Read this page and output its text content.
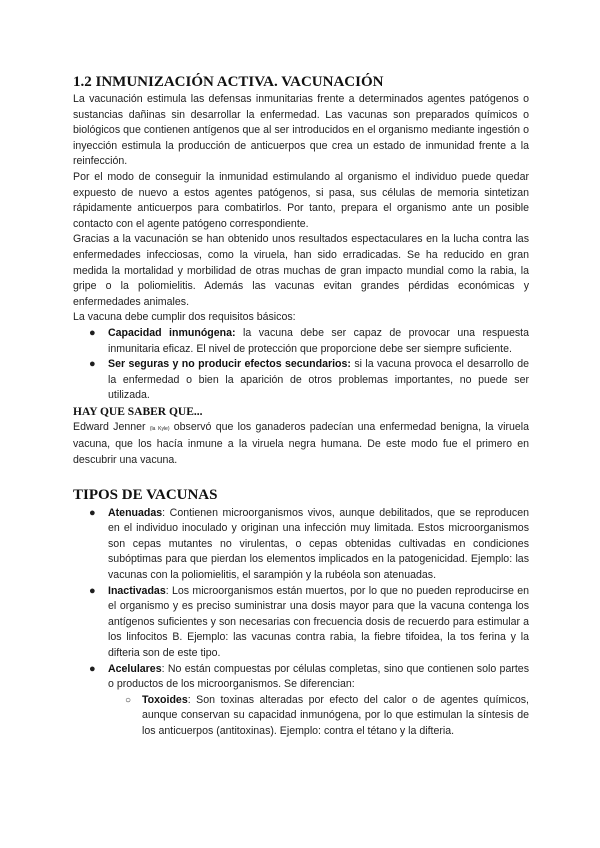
1.2 INMUNIZACIÓN ACTIVA. VACUNACIÓN

La vacunación estimula las defensas inmunitarias frente a determinados agentes patógenos o sustancias dañinas sin desarrollar la enfermedad. Las vacunas son preparados químicos o biológicos que contienen antígenos que al ser introducidos en el organismo mediante ingestión o inyección estimula la producción de anticuerpos que crea un estado de inmunidad frente a la reinfección.

Por el modo de conseguir la inmunidad estimulando al organismo el individuo puede quedar expuesto de nuevo a estos agentes patógenos, si pasa, sus células de memoria sintetizan rápidamente anticuerpos para combatirlos. Por tanto, prepara el organismo ante un posible contacto con el agente patógeno correspondiente.

Gracias a la vacunación se han obtenido unos resultados espectaculares en la lucha contra las enfermedades infecciosas, como la viruela, han sido erradicadas. Se ha reducido en gran medida la mortalidad y morbilidad de otras muchas de gran impacto mundial como la rabia, la gripe o la poliomielitis. Además las vacunas evitan grandes pérdidas económicas y enfermedades animales.

La vacuna debe cumplir dos requisitos básicos:

● Capacidad inmunógena: la vacuna debe ser capaz de provocar una respuesta inmunitaria eficaz. El nivel de protección que proporcione debe ser siempre suficiente.
● Ser seguras y no producir efectos secundarios: si la vacuna provoca el desarrollo de la enfermedad o bien la aparición de otros problemas importantes, no puede ser utilizada.
HAY QUE SABER QUE...

Edward Jenner (la Kyle) observó que los ganaderos padecían una enfermedad benigna, la viruela vacuna, que los hacía inmune a la viruela negra humana. De este modo fue el primero en descubrir una vacuna.

TIPOS DE VACUNAS
● Atenuadas: Contienen microorganismos vivos, aunque debilitados, que se reproducen en el individuo inoculado y originan una infección muy limitada. Estos microorganismos son cepas mutantes no virulentas, o cepas obtenidas cultivadas en condiciones subóptimas para que pierdan los elementos implicados en la patogenicidad. Ejemplo: las vacunas con la poliomielitis, el sarampión y la rubéola son atenuadas.
● Inactivadas: Los microorganismos están muertos, por lo que no pueden reproducirse en el organismo y es preciso suministrar una dosis mayor para que la vacuna contenga los antígenos suficientes y son necesarias con frecuencia dosis de recuerdo para estimular a los linfocitos B. Ejemplo: las vacunas contra rabia, la fiebre tifoidea, la tos ferina y la difteria son de este tipo.
● Acelulares: No están compuestas por células completas, sino que contienen solo partes o productos de los microorganismos. Se diferencian:
○ Toxoides: Son toxinas alteradas por efecto del calor o de agentes químicos, aunque conservan su capacidad inmunógena, por lo que estimulan la síntesis de los anticuerpos (antitoxinas). Ejemplo: contra el tétano y la difteria.
